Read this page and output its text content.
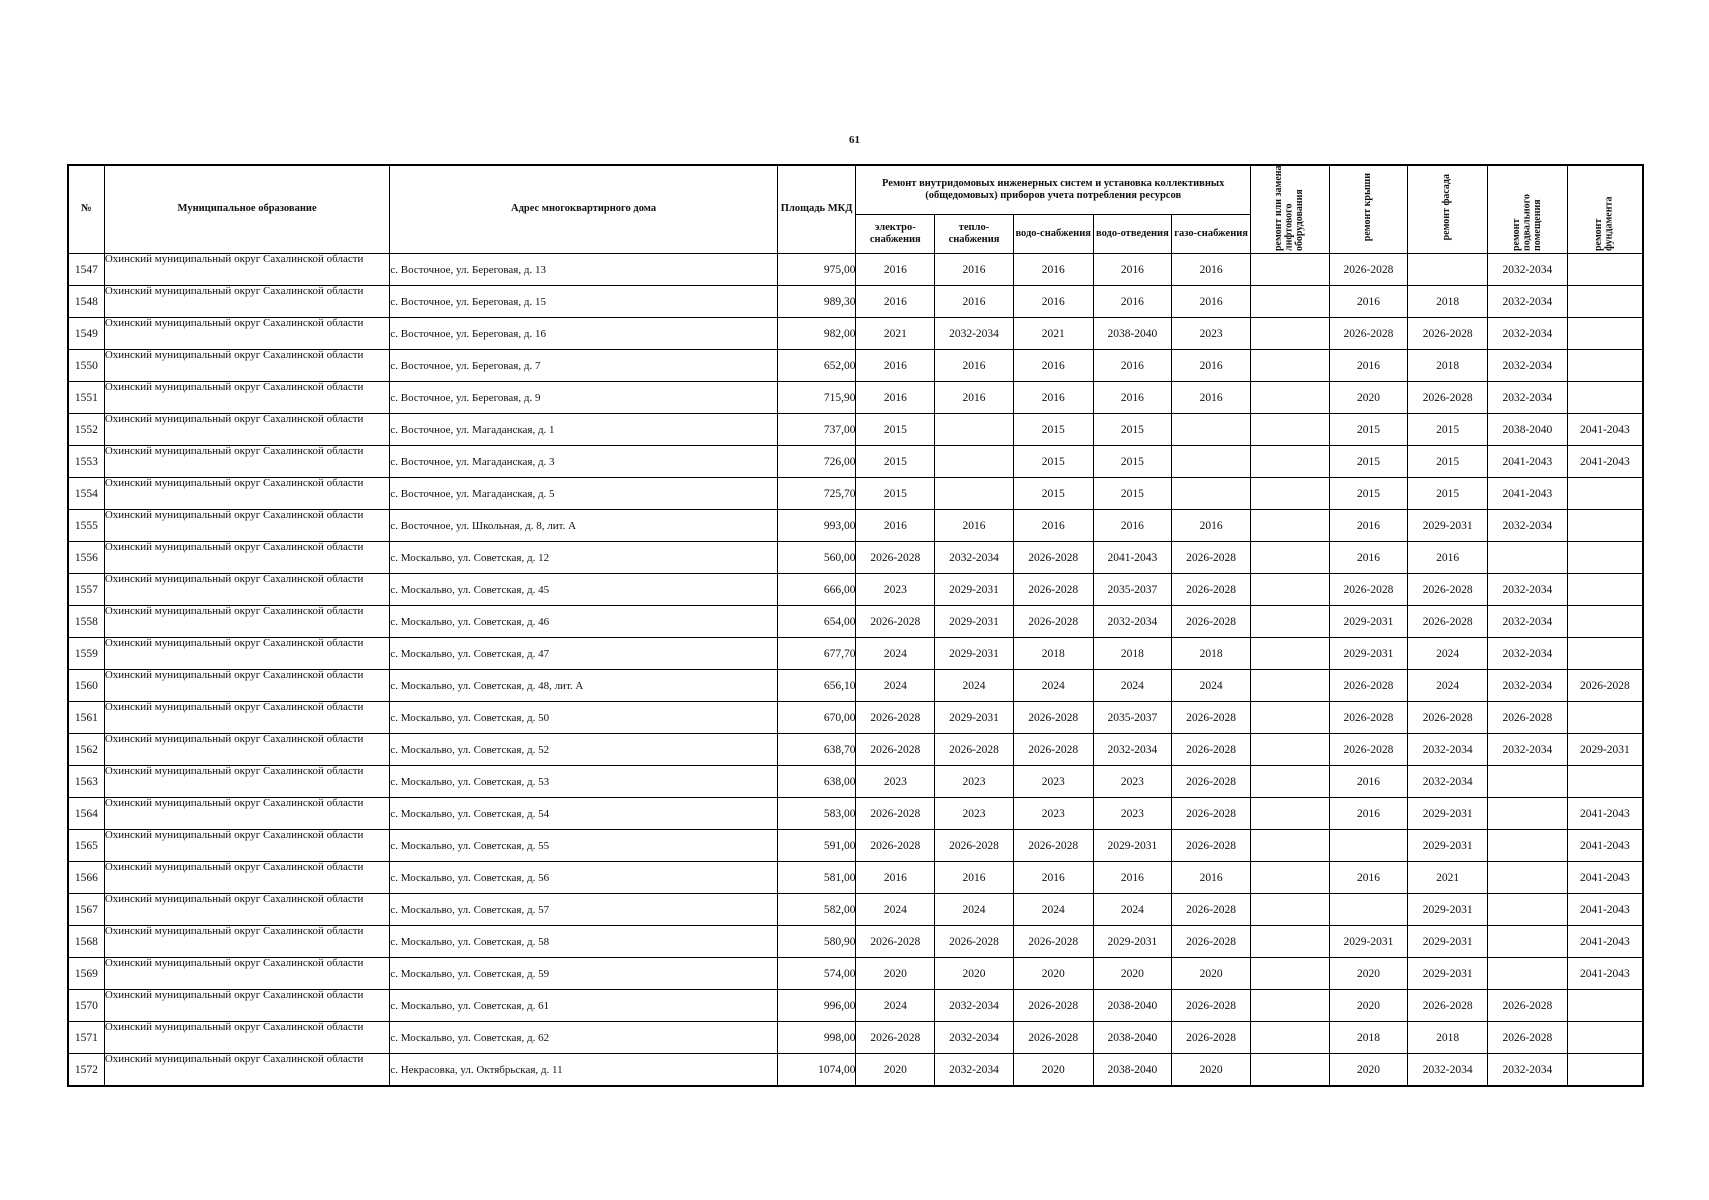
61
№	Муниципальное образование	Адрес многоквартирного дома	Площадь МКД	Ремонт внутридомовых инженерных систем и установка коллективных (общедомовых) приборов учета потребления ресурсов					ремонт или замена лифтового оборудования	ремонт крыши	ремонт фасада	ремонт подвального помещения	ремонт фундамента
				электро-снабжения	тепло-снабжения	водо-снабжения	водо-отведения	газо-снабжения					
1547	Охинский муниципальный округ Сахалинской области	с. Восточное, ул. Береговая, д. 13	975,00	2016	2016	2016	2016	2016		2026-2028		2032-2034	
1548	Охинский муниципальный округ Сахалинской области	с. Восточное, ул. Береговая, д. 15	989,30	2016	2016	2016	2016	2016		2016	2018	2032-2034	
1549	Охинский муниципальный округ Сахалинской области	с. Восточное, ул. Береговая, д. 16	982,00	2021	2032-2034	2021	2038-2040	2023		2026-2028	2026-2028	2032-2034	
1550	Охинский муниципальный округ Сахалинской области	с. Восточное, ул. Береговая, д. 7	652,00	2016	2016	2016	2016	2016		2016	2018	2032-2034	
1551	Охинский муниципальный округ Сахалинской области	с. Восточное, ул. Береговая, д. 9	715,90	2016	2016	2016	2016	2016		2020	2026-2028	2032-2034	
1552	Охинский муниципальный округ Сахалинской области	с. Восточное, ул. Магаданская, д. 1	737,00	2015		2015	2015			2015	2015	2038-2040	2041-2043
1553	Охинский муниципальный округ Сахалинской области	с. Восточное, ул. Магаданская, д. 3	726,00	2015		2015	2015			2015	2015	2041-2043	2041-2043
1554	Охинский муниципальный округ Сахалинской области	с. Восточное, ул. Магаданская, д. 5	725,70	2015		2015	2015			2015	2015	2041-2043	
1555	Охинский муниципальный округ Сахалинской области	с. Восточное, ул. Школьная, д. 8, лит. А	993,00	2016	2016	2016	2016	2016		2016	2029-2031	2032-2034	
1556	Охинский муниципальный округ Сахалинской области	с. Москальво, ул. Советская, д. 12	560,00	2026-2028	2032-2034	2026-2028	2041-2043	2026-2028		2016	2016		
1557	Охинский муниципальный округ Сахалинской области	с. Москальво, ул. Советская, д. 45	666,00	2023	2029-2031	2026-2028	2035-2037	2026-2028		2026-2028	2026-2028	2032-2034	
1558	Охинский муниципальный округ Сахалинской области	с. Москальво, ул. Советская, д. 46	654,00	2026-2028	2029-2031	2026-2028	2032-2034	2026-2028		2029-2031	2026-2028	2032-2034	
1559	Охинский муниципальный округ Сахалинской области	с. Москальво, ул. Советская, д. 47	677,70	2024	2029-2031	2018	2018	2018		2029-2031	2024	2032-2034	
1560	Охинский муниципальный округ Сахалинской области	с. Москальво, ул. Советская, д. 48, лит. А	656,10	2024	2024	2024	2024	2024		2026-2028	2024	2032-2034	2026-2028
1561	Охинский муниципальный округ Сахалинской области	с. Москальво, ул. Советская, д. 50	670,00	2026-2028	2029-2031	2026-2028	2035-2037	2026-2028		2026-2028	2026-2028	2026-2028	
1562	Охинский муниципальный округ Сахалинской области	с. Москальво, ул. Советская, д. 52	638,70	2026-2028	2026-2028	2026-2028	2032-2034	2026-2028		2026-2028	2032-2034	2032-2034	2029-2031
1563	Охинский муниципальный округ Сахалинской области	с. Москальво, ул. Советская, д. 53	638,00	2023	2023	2023	2023	2026-2028		2016	2032-2034		
1564	Охинский муниципальный округ Сахалинской области	с. Москальво, ул. Советская, д. 54	583,00	2026-2028	2023	2023	2023	2026-2028		2016	2029-2031		2041-2043
1565	Охинский муниципальный округ Сахалинской области	с. Москальво, ул. Советская, д. 55	591,00	2026-2028	2026-2028	2026-2028	2029-2031	2026-2028			2029-2031		2041-2043
1566	Охинский муниципальный округ Сахалинской области	с. Москальво, ул. Советская, д. 56	581,00	2016	2016	2016	2016	2016		2016	2021		2041-2043
1567	Охинский муниципальный округ Сахалинской области	с. Москальво, ул. Советская, д. 57	582,00	2024	2024	2024	2024	2026-2028			2029-2031		2041-2043
1568	Охинский муниципальный округ Сахалинской области	с. Москальво, ул. Советская, д. 58	580,90	2026-2028	2026-2028	2026-2028	2029-2031	2026-2028		2029-2031	2029-2031		2041-2043
1569	Охинский муниципальный округ Сахалинской области	с. Москальво, ул. Советская, д. 59	574,00	2020	2020	2020	2020	2020		2020	2029-2031		2041-2043
1570	Охинский муниципальный округ Сахалинской области	с. Москальво, ул. Советская, д. 61	996,00	2024	2032-2034	2026-2028	2038-2040	2026-2028		2020	2026-2028	2026-2028	
1571	Охинский муниципальный округ Сахалинской области	с. Москальво, ул. Советская, д. 62	998,00	2026-2028	2032-2034	2026-2028	2038-2040	2026-2028		2018	2018	2026-2028	
1572	Охинский муниципальный округ Сахалинской области	с. Некрасовка, ул. Октябрьская, д. 11	1074,00	2020	2032-2034	2020	2038-2040	2020		2020	2032-2034	2032-2034	
